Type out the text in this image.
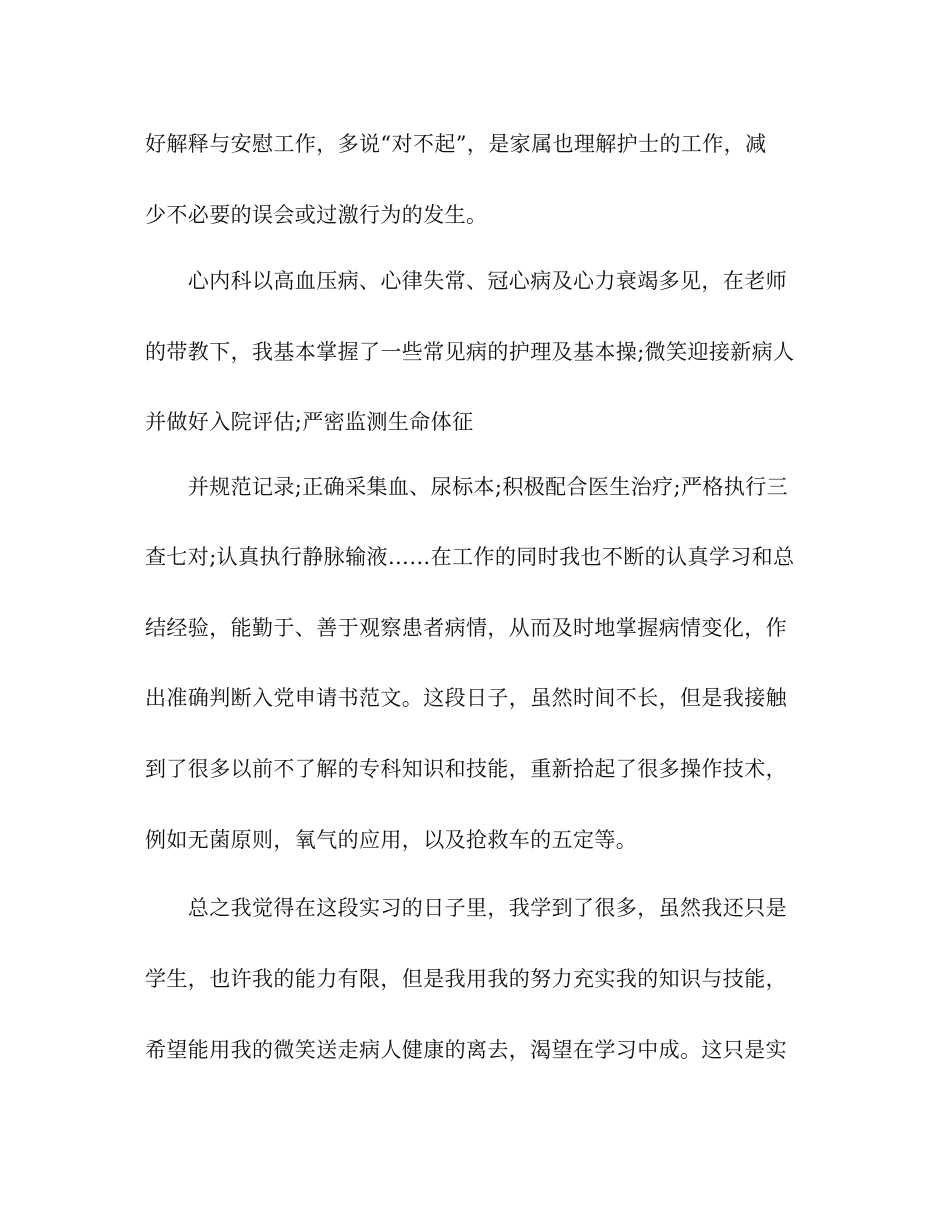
好解释与安慰工作，多说“对不起”，是家属也理解护士的工作，减
少不必要的误会或过激行为的发生。
　　心内科以高血压病、心律失常、冠心病及心力衰竭多见，在老师
的带教下，我基本掌握了一些常见病的护理及基本操;微笑迎接新病人
并做好入院评估;严密监测生命体征
　　并规范记录;正确采集血、尿标本;积极配合医生治疗;严格执行三
查七对;认真执行静脉输液……在工作的同时我也不断的认真学习和总
结经验，能勤于、善于观察患者病情，从而及时地掌握病情变化，作
出准确判断入党申请书范文。这段日子，虽然时间不长，但是我接触
到了很多以前不了解的专科知识和技能，重新拾起了很多操作技术，
例如无菌原则，氧气的应用，以及抢救车的五定等。
　　总之我觉得在这段实习的日子里，我学到了很多，虽然我还只是
学生，也许我的能力有限，但是我用我的努力充实我的知识与技能，
希望能用我的微笑送走病人健康的离去，渴望在学习中成。这只是实
